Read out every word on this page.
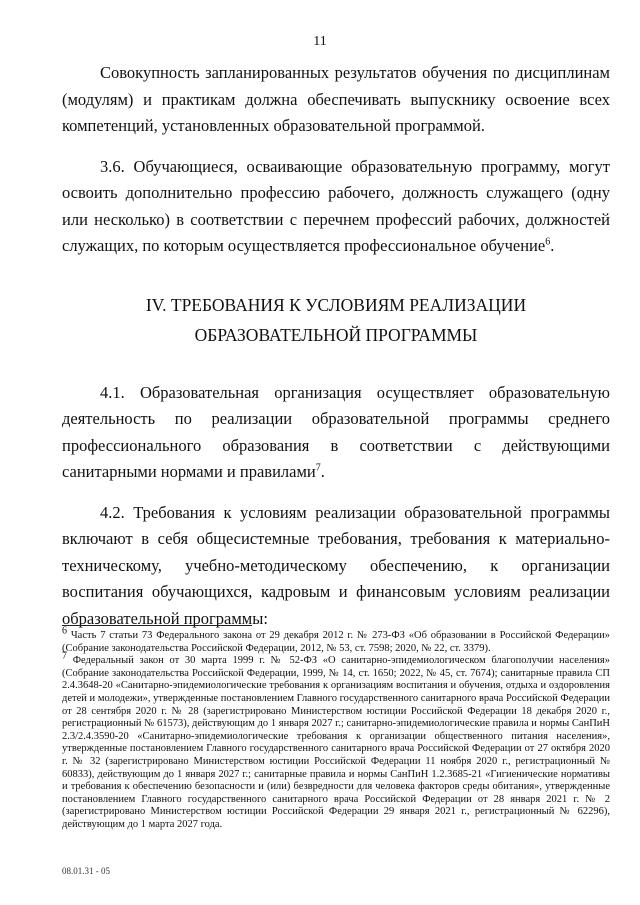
11

Совокупность запланированных результатов обучения по дисциплинам (модулям) и практикам должна обеспечивать выпускнику освоение всех компетенций, установленных образовательной программой.

3.6. Обучающиеся, осваивающие образовательную программу, могут освоить дополнительно профессию рабочего, должность служащего (одну или несколько) в соответствии с перечнем профессий рабочих, должностей служащих, по которым осуществляется профессиональное обучение$^6$.

IV. ТРЕБОВАНИЯ К УСЛОВИЯМ РЕАЛИЗАЦИИ ОБРАЗОВАТЕЛЬНОЙ ПРОГРАММЫ

4.1. Образовательная организация осуществляет образовательную деятельность по реализации образовательной программы среднего профессионального образования в соответствии с действующими санитарными нормами и правилами$^7$.

4.2. Требования к условиям реализации образовательной программы включают в себя общесистемные требования, требования к материально-техническому, учебно-методическому обеспечению, к организации воспитания обучающихся, кадровым и финансовым условиям реализации образовательной программы:

$^6$ Часть 7 статьи 73 Федерального закона от 29 декабря 2012 г. № 273-ФЗ «Об образовании в Российской Федерации» (Собрание законодательства Российской Федерации, 2012, № 53, ст. 7598; 2020, № 22, ст. 3379).

$^7$ Федеральный закон от 30 марта 1999 г. № 52-ФЗ «О санитарно-эпидемиологическом благополучии населения» (Собрание законодательства Российской Федерации, 1999, № 14, ст. 1650; 2022, № 45, ст. 7674); санитарные правила СП 2.4.3648-20 «Санитарно-эпидемиологические требования к организациям воспитания и обучения, отдыха и оздоровления детей и молодежи», утвержденные постановлением Главного государственного санитарного врача Российской Федерации от 28 сентября 2020 г. № 28 (зарегистрировано Министерством юстиции Российской Федерации 18 декабря 2020 г., регистрационный № 61573), действующим до 1 января 2027 г.; санитарно-эпидемиологические правила и нормы СанПиН 2.3/2.4.3590-20 «Санитарно-эпидемиологические требования к организации общественного питания населения», утвержденные постановлением Главного государственного санитарного врача Российской Федерации от 27 октября 2020 г. № 32 (зарегистрировано Министерством юстиции Российской Федерации 11 ноября 2020 г., регистрационный № 60833), действующим до 1 января 2027 г.; санитарные правила и нормы СанПиН 1.2.3685-21 «Гигиенические нормативы и требования к обеспечению безопасности и (или) безвредности для человека факторов среды обитания», утвержденные постановлением Главного государственного санитарного врача Российской Федерации от 28 января 2021 г. № 2 (зарегистрировано Министерством юстиции Российской Федерации 29 января 2021 г., регистрационный № 62296), действующим до 1 марта 2027 года.

08.01.31 - 05
